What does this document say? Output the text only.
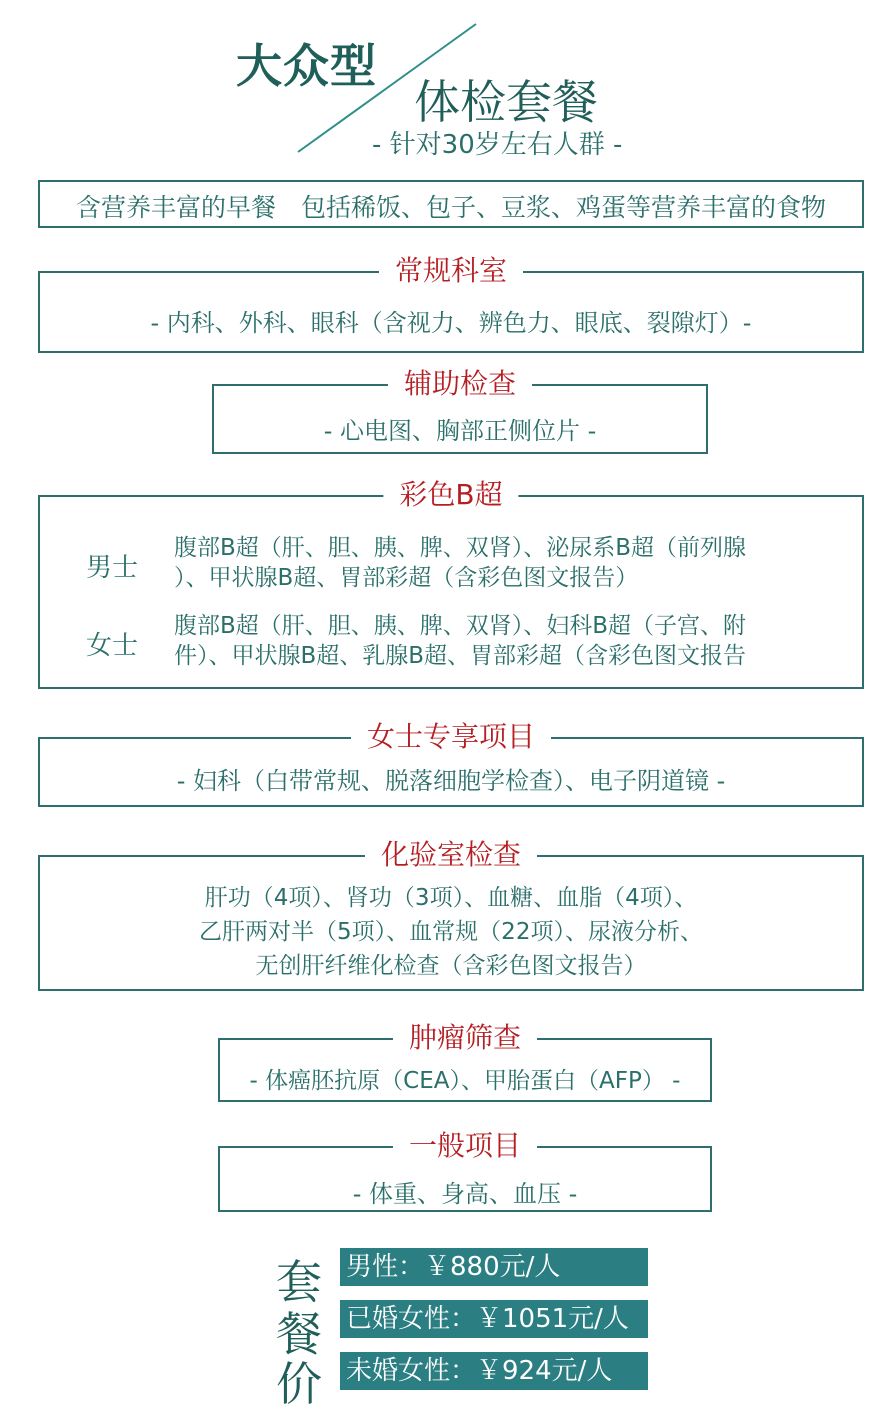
大众型
体检套餐
- 针对30岁左右人群 -
含营养丰富的早餐　包括稀饭、包子、豆浆、鸡蛋等营养丰富的食物
常规科室
- 内科、外科、眼科（含视力、辨色力、眼底、裂隙灯）-
辅助检查
- 心电图、胸部正侧位片 -
彩色B超
男士
腹部B超（肝、胆、胰、脾、双肾）、泌尿系B超（前列腺
）、甲状腺B超、胃部彩超（含彩色图文报告）
女士
腹部B超（肝、胆、胰、脾、双肾）、妇科B超（子宫、附
件）、甲状腺B超、乳腺B超、胃部彩超（含彩色图文报告
女士专享项目
- 妇科（白带常规、脱落细胞学检查）、电子阴道镜 -
化验室检查
肝功（4项）、肾功（3项）、血糖、血脂（4项）、
乙肝两对半（5项）、血常规（22项）、尿液分析、
无创肝纤维化检查（含彩色图文报告）
肿瘤筛查
- 体癌胚抗原（CEA）、甲胎蛋白（AFP） -
一般项目
- 体重、身高、血压 -
套
餐
价
男性：￥880元/人
已婚女性：￥1051元/人
未婚女性：￥924元/人
